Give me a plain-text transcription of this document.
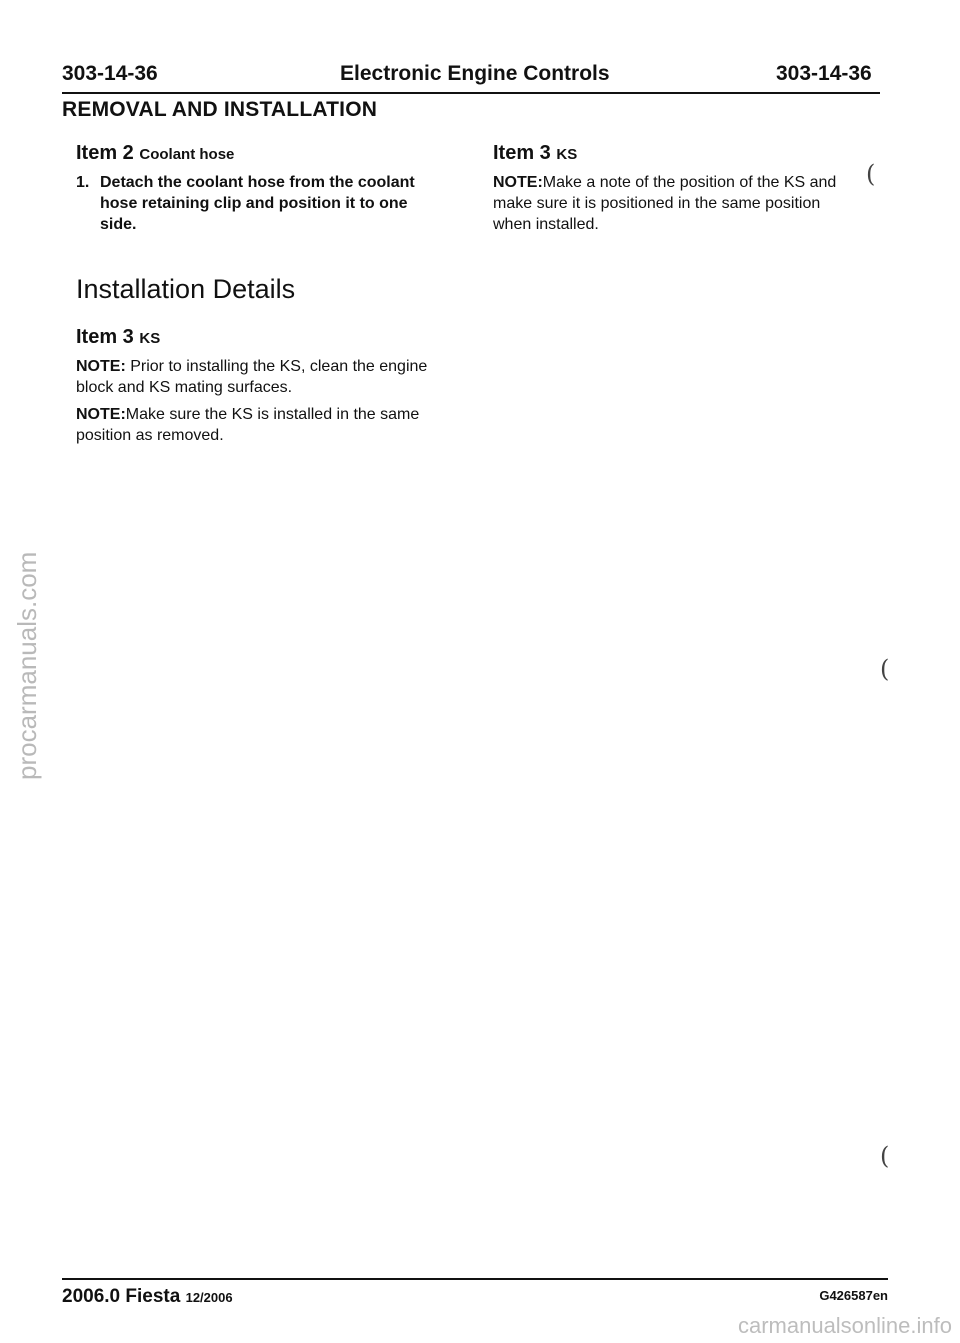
303-14-36	Electronic Engine Controls	303-14-36
REMOVAL AND INSTALLATION
Item 2 Coolant hose
1. Detach the coolant hose from the coolant
hose retaining clip and position it to one
side.
Item 3 KS
NOTE:Make a note of the position of the KS and
make sure it is positioned in the same position
when installed.
Installation Details
Item 3 KS
NOTE: Prior to installing the KS, clean the engine
block and KS mating surfaces.
NOTE:Make sure the KS is installed in the same
position as removed.
(
(
(
procarmanuals.com
2006.0 Fiesta 12/2006	G426587en
carmanualsonline.info
